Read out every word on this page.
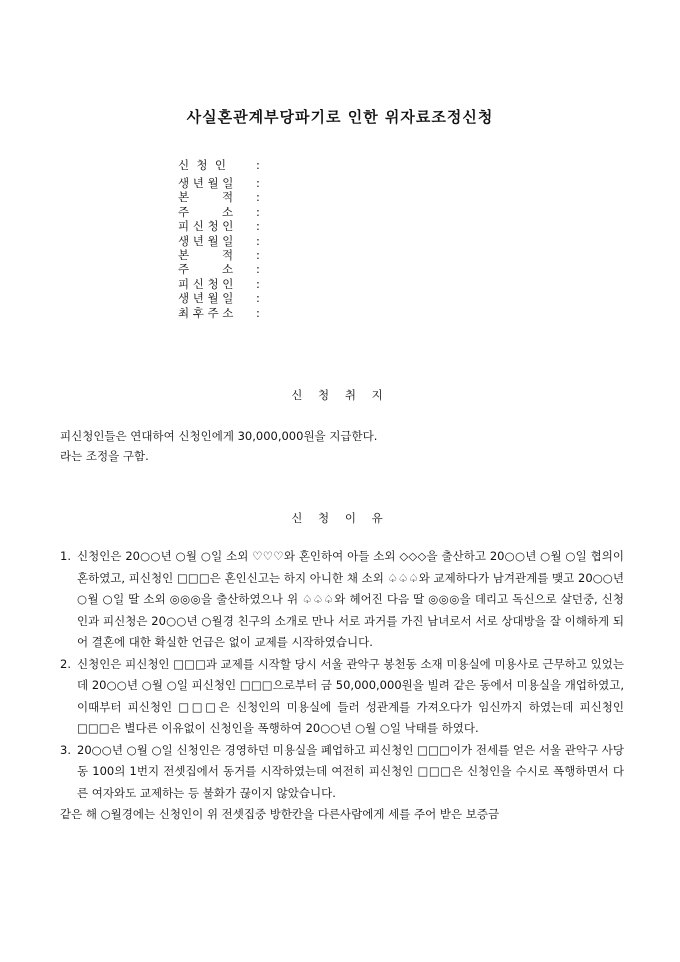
사실혼관계부당파기로 인한 위자료조정신청
신  청  인	:
생 년 월 일	:
본         적	:
주         소	:
피 신 청 인	:
생 년 월 일	:
본         적	:
주         소	:
피 신 청 인	:
생 년 월 일	:
최 후 주 소	:
신 청 취 지
피신청인들은 연대하여 신청인에게 30,000,000원을 지급한다.
라는 조정을 구함.
신 청 이 유
1. 신청인은 20○○년 ○월 ○일 소외 ♡♡♡와 혼인하여 아들 소외 ◇◇◇을 출산하고 20○○년 ○월 ○일 협의이혼하였고, 피신청인 □□□은 혼인신고는 하지 아니한 채 소외 ♤♤♤와 교제하다가 남겨관계를 맺고 20○○년 ○월 ○일 딸 소외 ◎◎◎을 출산하였으나 위 ♤♤♤와 헤어진 다음 딸 ◎◎◎을 데리고 독신으로 살던중, 신청인과 피신청은 20○○년 ○월경 친구의 소개로 만나 서로 과거를 가진 남녀로서 서로 상대방을 잘 이해하게 되어 결혼에 대한 확실한 언급은 없이 교제를 시작하였습니다.
2. 신청인은 피신청인 □□□과 교제를 시작할 당시 서울 관악구 봉천동 소재 미용실에 미용사로 근무하고 있었는데 20○○년 ○월 ○일 피신청인 □□□으로부터 금 50,000,000원을 빌려 같은 동에서 미용실을 개업하였고, 이때부터 피신청인 □□□은 신청인의 미용실에 들러 성관계를 가져오다가 임신까지 하였는데 피신청인 □□□은 별다른 이유없이 신청인을 폭행하여 20○○년 ○월 ○일 낙태를 하였다.
3. 20○○년 ○월 ○일 신청인은 경영하던 미용실을 폐업하고 피신청인 □□□이가 전세를 얻은 서울 관악구 사당동 100의 1번지 전셋집에서 동거를 시작하였는데 여전히 피신청인 □□□은 신청인을 수시로 폭행하면서 다른 여자와도 교제하는 등 불화가 끊이지 않았습니다.
같은 해 ○월경에는 신청인이 위 전셋집중 방한칸을 다른사람에게 세를 주어 받은 보증금
